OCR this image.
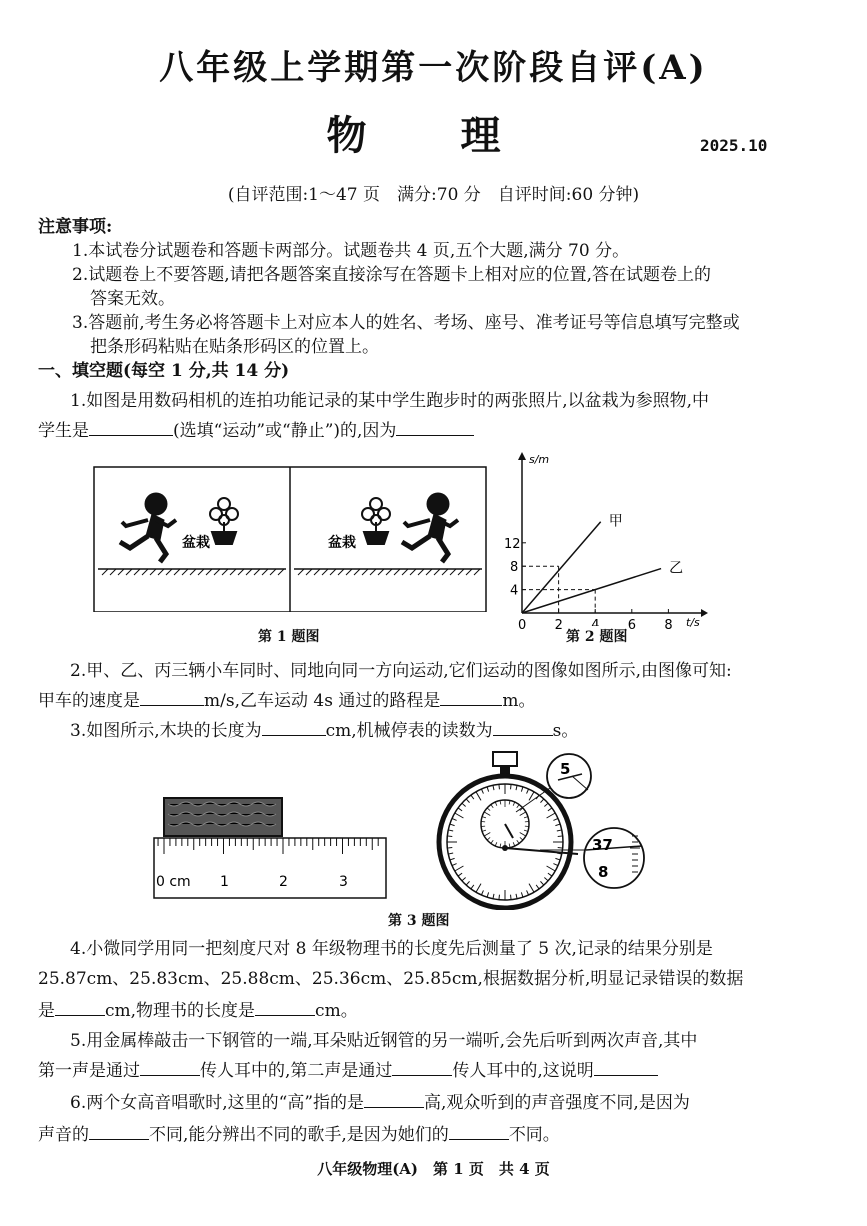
八年级上学期第一次阶段自评(A)
物 理	2025.10
(自评范围:1～47 页　满分:70 分　自评时间:60 分钟)
注意事项:
1.本试卷分试题卷和答题卡两部分。试题卷共 4 页,五个大题,满分 70 分。
2.试题卷上不要答题,请把各题答案直接涂写在答题卡上相对应的位置,答在试题卷上的
答案无效。
3.答题前,考生务必将答题卡上对应本人的姓名、考场、座号、准考证号等信息填写完整或
把条形码粘贴在贴条形码区的位置上。
一、填空题(每空 1 分,共 14 分)
1.如图是用数码相机的连拍功能记录的某中学生跑步时的两张照片,以盆栽为参照物,中
学生是	(选填“运动”或“静止”)的,因为
盆栽	盆栽
第 1 题图
t/s
s/m
0 2	6 8
4
8
12
甲
乙
第 2 题图
2.甲、乙、丙三辆小车同时、同地向同一方向运动,它们运动的图像如图所示,由图像可知:
甲车的速度是	m/s,乙车运动 4s 通过的路程是	m。
3.如图所示,木块的长度为	cm,机械停表的读数为	s。
0 cm 1	2	3
5
37
8
第 3 题图
4.小微同学用同一把刻度尺对 8 年级物理书的长度先后测量了 5 次,记录的结果分别是
25.87cm、25.83cm、25.88cm、25.36cm、25.85cm,根据数据分析,明显记录错误的数据
是	cm,物理书的长度是	cm。
5.用金属棒敲击一下钢管的一端,耳朵贴近钢管的另一端听,会先后听到两次声音,其中
第一声是通过	传人耳中的,第二声是通过	传人耳中的,这说明
6.两个女高音唱歌时,这里的“高”指的是	高,观众听到的声音强度不同,是因为
声音的	不同,能分辨出不同的歌手,是因为她们的	不同。
八年级物理(A)　第 1 页　共 4 页
